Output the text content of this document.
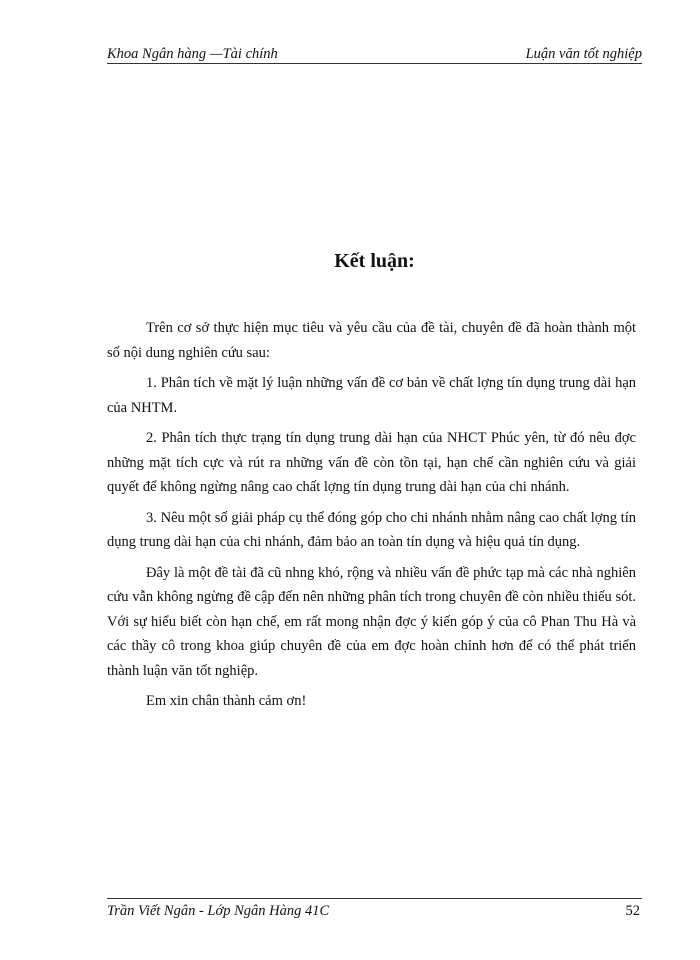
Khoa Ngân hàng —Tài chính	Luận văn tốt nghiệp
Kết luận:

Trên cơ sở thực hiện mục tiêu và yêu cầu của đề tài, chuyên đề đã hoàn thành một số nội dung nghiên cứu sau:

1. Phân tích về mặt lý luận những vấn đề cơ bản về chất lợng tín dụng trung dài hạn của NHTM.

2. Phân tích thực trạng tín dụng trung dài hạn của NHCT Phúc yên, từ đó nêu đợc những mặt tích cực và rút ra những vấn đề còn tồn tại, hạn chế cần nghiên cứu và giải quyết để không ngừng nâng cao chất lợng tín dụng trung dài hạn của chi nhánh.

3. Nêu một số giải pháp cụ thể đóng góp cho chi nhánh nhằm nâng cao chất lợng tín dụng trung dài hạn của chi nhánh, đảm bảo an toàn tín dụng và hiệu quả tín dụng.

Đây là một đề tài đã cũ nhng khó, rộng và nhiều vấn đề phức tạp mà các nhà nghiên cứu vẫn không ngừng đề cập đến nên những phân tích trong chuyên đề còn nhiều thiếu sót. Với sự hiểu biết còn hạn chế, em rất mong nhận đợc ý kiến góp ý của cô Phan Thu Hà và các thầy cô trong khoa giúp chuyên đề của em đợc hoàn chỉnh hơn để có thể phát triển thành luận văn tốt nghiệp.

Em xin chân thành cảm ơn!

Trần Viết Ngân - Lớp Ngân Hàng 41C	52
